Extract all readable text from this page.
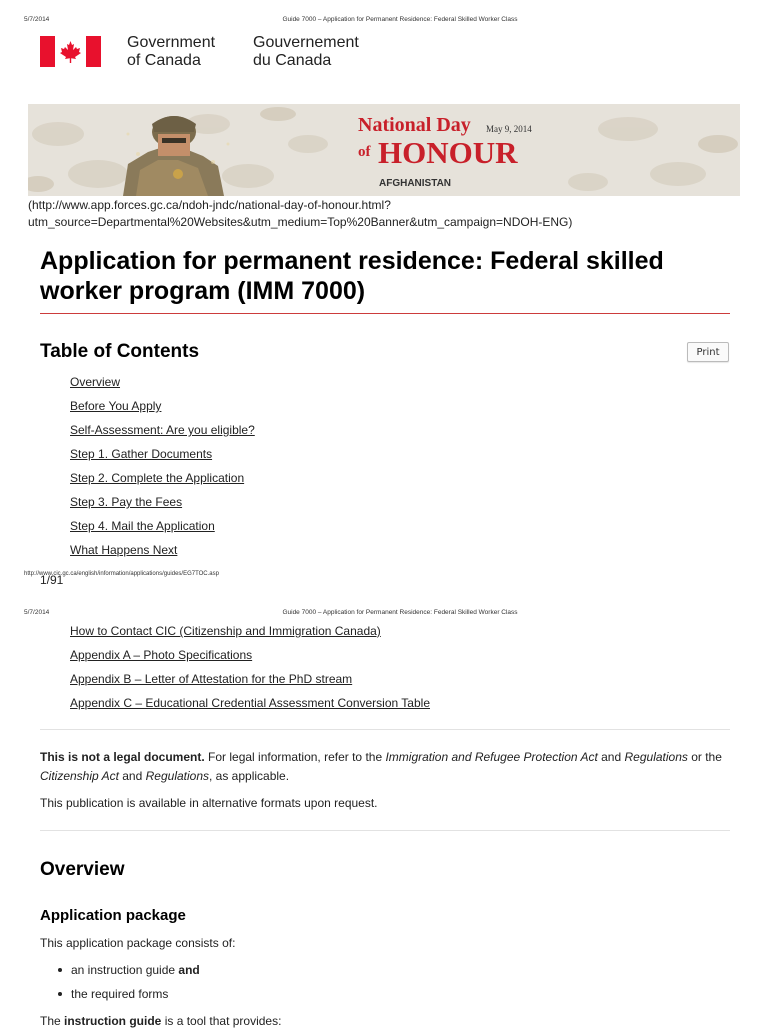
5/7/2014	Guide 7000 – Application for Permanent Residence: Federal Skilled Worker Class
Government
of Canada
Gouvernement
du Canada
National Day May 9, 2014
of HONOUR
AFGHANISTAN
(http://www.app.forces.gc.ca/ndoh-jndc/national-day-of-honour.html?utm_source=Departmental%20Websites&utm_medium=Top%20Banner&utm_campaign=NDOH-ENG)
Application for permanent residence: Federal skilled worker program (IMM 7000)
Table of Contents	Print
Overview
Before You Apply
Self-Assessment: Are you eligible?
Step 1. Gather Documents
Step 2. Complete the Application
Step 3. Pay the Fees
Step 4. Mail the Application
What Happens Next
http://www.cic.gc.ca/english/information/applications/guides/EG7TOC.asp
1/91
5/7/2014	Guide 7000 – Application for Permanent Residence: Federal Skilled Worker Class
How to Contact CIC (Citizenship and Immigration Canada)
Appendix A – Photo Specifications
Appendix B – Letter of Attestation for the PhD stream
Appendix C – Educational Credential Assessment Conversion Table

This is not a legal document. For legal information, refer to the Immigration and Refugee Protection Act and Regulations or the Citizenship Act and Regulations, as applicable.

This publication is available in alternative formats upon request.

Overview
Application package

This application package consists of:

an instruction guide and
the required forms

The instruction guide is a tool that provides:
